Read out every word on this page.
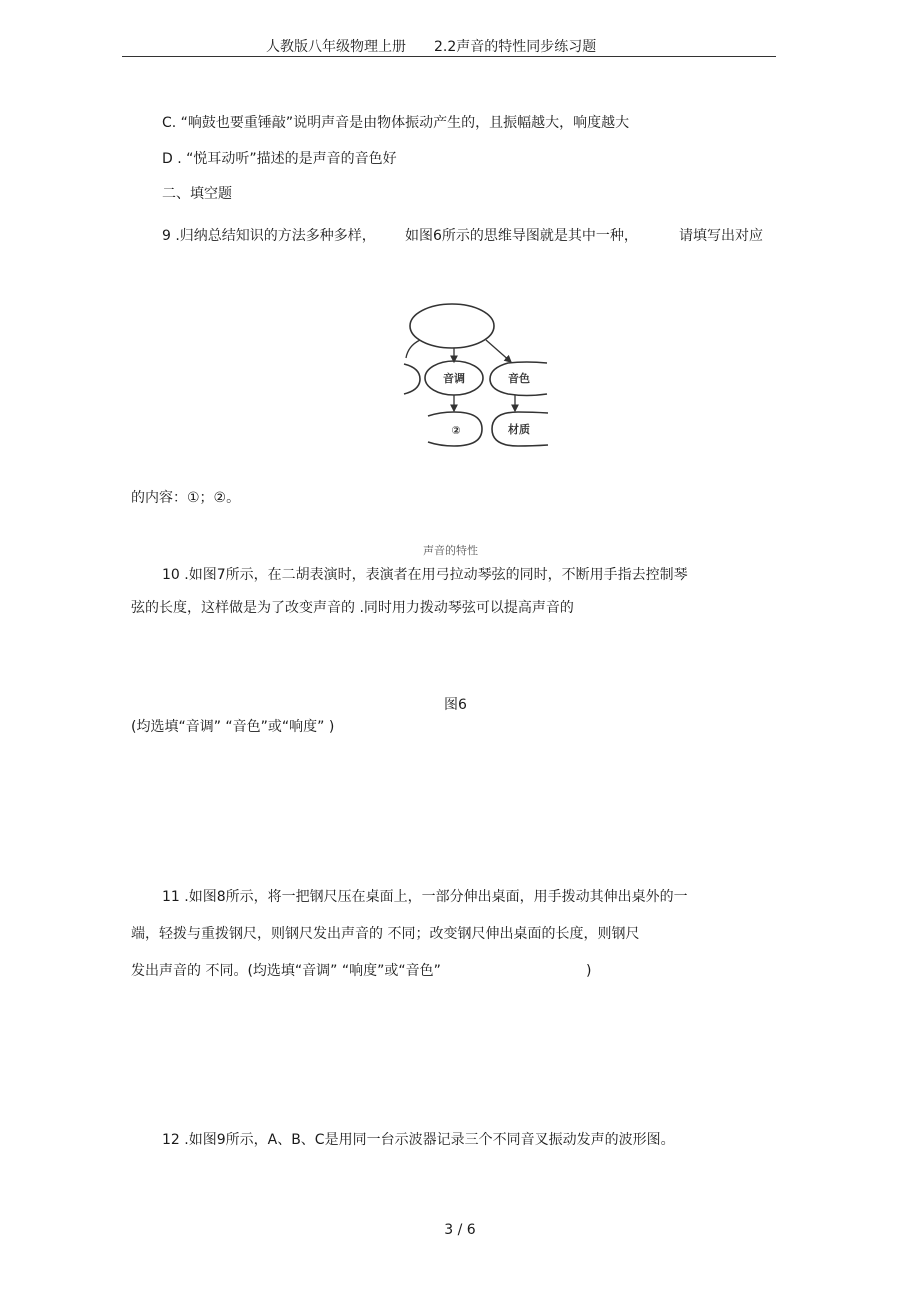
人教版八年级物理上册 2.2声音的特性同步练习题
C. “响鼓也要重锤敲”说明声音是由物体振动产生的，且振幅越大，响度越大
D . “悦耳动听”描述的是声音的音色好
二、填空题
9 .归纳总结知识的方法多种多样， 如图6所示的思维导图就是其中一种，	请填写出对应
音调	音色
②	材质
的内容：①；②。
声音的特性
10 .如图7所示，在二胡表演时，表演者在用弓拉动琴弦的同时，不断用手指去控制琴
弦的长度，这样做是为了改变声音的 .同时用力拨动琴弦可以提高声音的
图6
(均选填“音调” “音色”或“响度” )
11 .如图8所示，将一把钢尺压在桌面上，一部分伸出桌面，用手拨动其伸出桌外的一
端，轻拨与重拨钢尺，则钢尺发出声音的 不同；改变钢尺伸出桌面的长度，则钢尺
发出声音的 不同。(均选填“音调” “响度”或“音色”	)
12 .如图9所示，A、B、C是用同一台示波器记录三个不同音叉振动发声的波形图。
3 / 6
